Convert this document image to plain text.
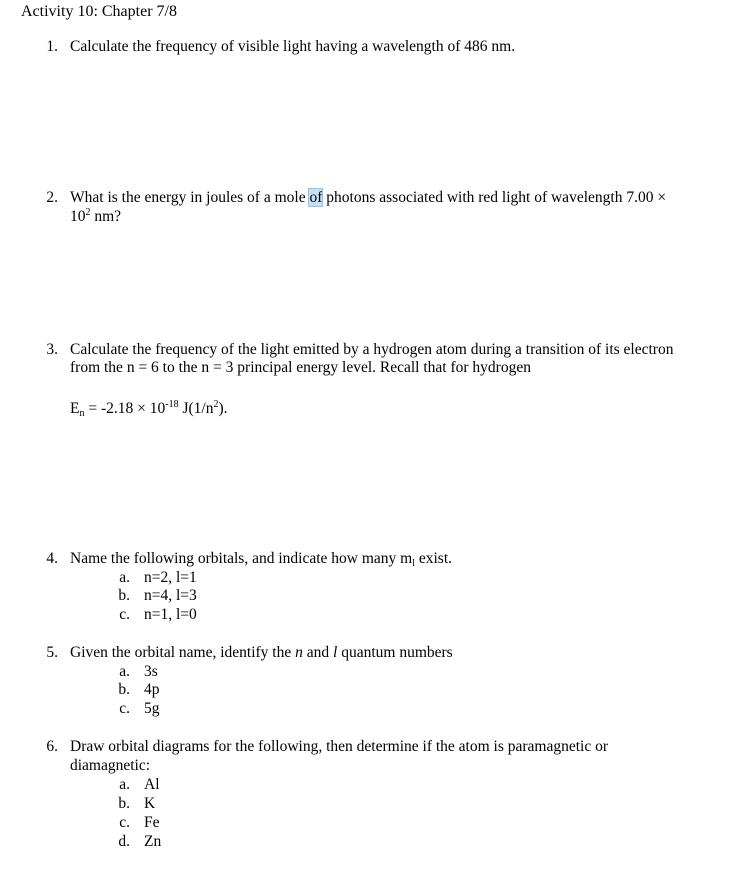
Activity 10: Chapter 7/8
1. Calculate the frequency of visible light having a wavelength of 486 nm.
2. What is the energy in joules of a mole of photons associated with red light of wavelength 7.00 ×
$10^2$ nm?
3. Calculate the frequency of the light emitted by a hydrogen atom during a transition of its electron
from the n = 6 to the n = 3 principal energy level. Recall that for hydrogen
$E_n = -2.18 \times 10^{-18}$ $J(1/n^2)$.
4. Name the following orbitals, and indicate how many $m_l$ exist.
a. n=2, l=1
b. n=4, l=3
c. n=1, l=0
5. Given the orbital name, identify the n and l quantum numbers
a. 3s
b. 4p
c. 5g
6. Draw orbital diagrams for the following, then determine if the atom is paramagnetic or
diamagnetic:
a. Al
b. K
c. Fe
d. Zn
